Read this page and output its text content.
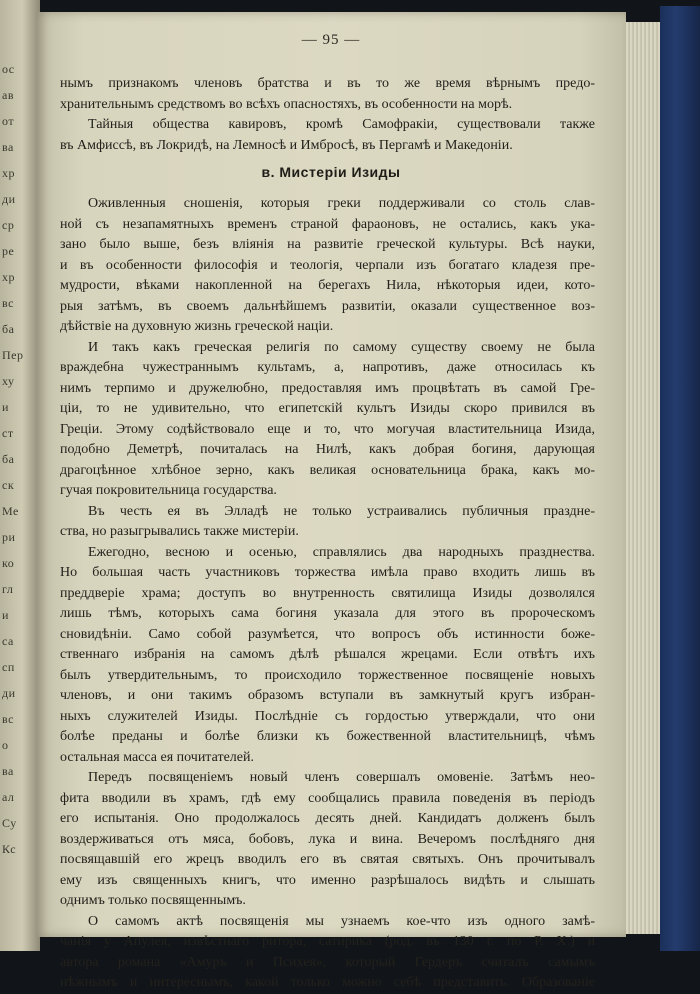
ос
ав
от
ва
хр
ди
ср
ре
хр
вс
ба
Пер
ху
и
ст
ба
ск
Ме
ри
ко
гл
и
са
сп
ди
вс
о
ва
ал
Су
Кс
— 95 —
нымъ признакомъ членовъ братства и въ то же время вѣрнымъ предо-
хранительнымъ средствомъ во всѣхъ опасностяхъ, въ особенности на морѣ.
Тайныя общества кавировъ, кромѣ Самофракіи, существовали также
въ Амфиссѣ, въ Локридѣ, на Лемносѣ и Имбросѣ, въ Пергамѣ и Македоніи.
в. Мистеріи Изиды
Оживленныя сношенія, которыя греки поддерживали со столь слав-
ной съ незапамятныхъ временъ страной фараоновъ, не остались, какъ ука-
зано было выше, безъ вліянія на развитіе греческой культуры. Всѣ науки,
и въ особенности философія и теологія, черпали изъ богатаго кладезя пре-
мудрости, вѣками накопленной на берегахъ Нила, нѣкоторыя идеи, кото-
рыя затѣмъ, въ своемъ дальнѣйшемъ развитіи, оказали существенное воз-
дѣйствіе на духовную жизнь греческой націи.
И такъ какъ греческая религія по самому существу своему не была
враждебна чужестраннымъ культамъ, а, напротивъ, даже относилась къ
нимъ терпимо и дружелюбно, предоставляя имъ процвѣтать въ самой Гре-
ціи, то не удивительно, что египетскій культъ Изиды скоро привился въ
Греціи. Этому содѣйствовало еще и то, что могучая властительница Изида,
подобно Деметрѣ, почиталась на Нилѣ, какъ добрая богиня, дарующая
драгоцѣнное хлѣбное зерно, какъ великая основательница брака, какъ мо-
гучая покровительница государства.
Въ честь ея въ Элладѣ не только устраивались публичныя праздне-
ства, но разыгрывались также мистеріи.
Ежегодно, весною и осенью, справлялись два народныхъ празднества.
Но большая часть участниковъ торжества имѣла право входить лишь въ
преддверіе храма; доступъ во внутренность святилища Изиды дозволялся
лишь тѣмъ, которыхъ сама богиня указала для этого въ пророческомъ
сновидѣніи. Само собой разумѣется, что вопросъ объ истинности боже-
ственнаго избранія на самомъ дѣлѣ рѣшался жрецами. Если отвѣтъ ихъ
былъ утвердительнымъ, то происходило торжественное посвященіе новыхъ
членовъ, и они такимъ образомъ вступали въ замкнутый кругъ избран-
ныхъ служителей Изиды. Послѣдніе съ гордостью утверждали, что они
болѣе преданы и болѣе близки къ божественной властительницѣ, чѣмъ
остальная масса ея почитателей.
Передъ посвященіемъ новый членъ совершалъ омовеніе. Затѣмъ неo-
фита вводили въ храмъ, гдѣ ему сообщались правила поведенія въ періодъ
его испытанія. Оно продолжалось десять дней. Кандидатъ долженъ былъ
воздерживаться отъ мяса, бобовъ, лука и вина. Вечеромъ послѣдняго дня
посвящавшій его жрецъ вводилъ его въ святая святыхъ. Онъ прочитывалъ
ему изъ священныхъ книгъ, что именно разрѣшалось видѣть и слышать
однимъ только посвященнымъ.
О самомъ актѣ посвященія мы узнаемъ кое-что изъ одного замѣ-
чанія у Апулея, извѣстнаго ритора, сатирика (род. въ 130 г. по Р. Х.) и
автора романа «Амуръ и Психея», который Гердеръ считалъ самымъ
нѣжнымъ и интереснымъ, какой только можно себѣ представить. Образованіе
